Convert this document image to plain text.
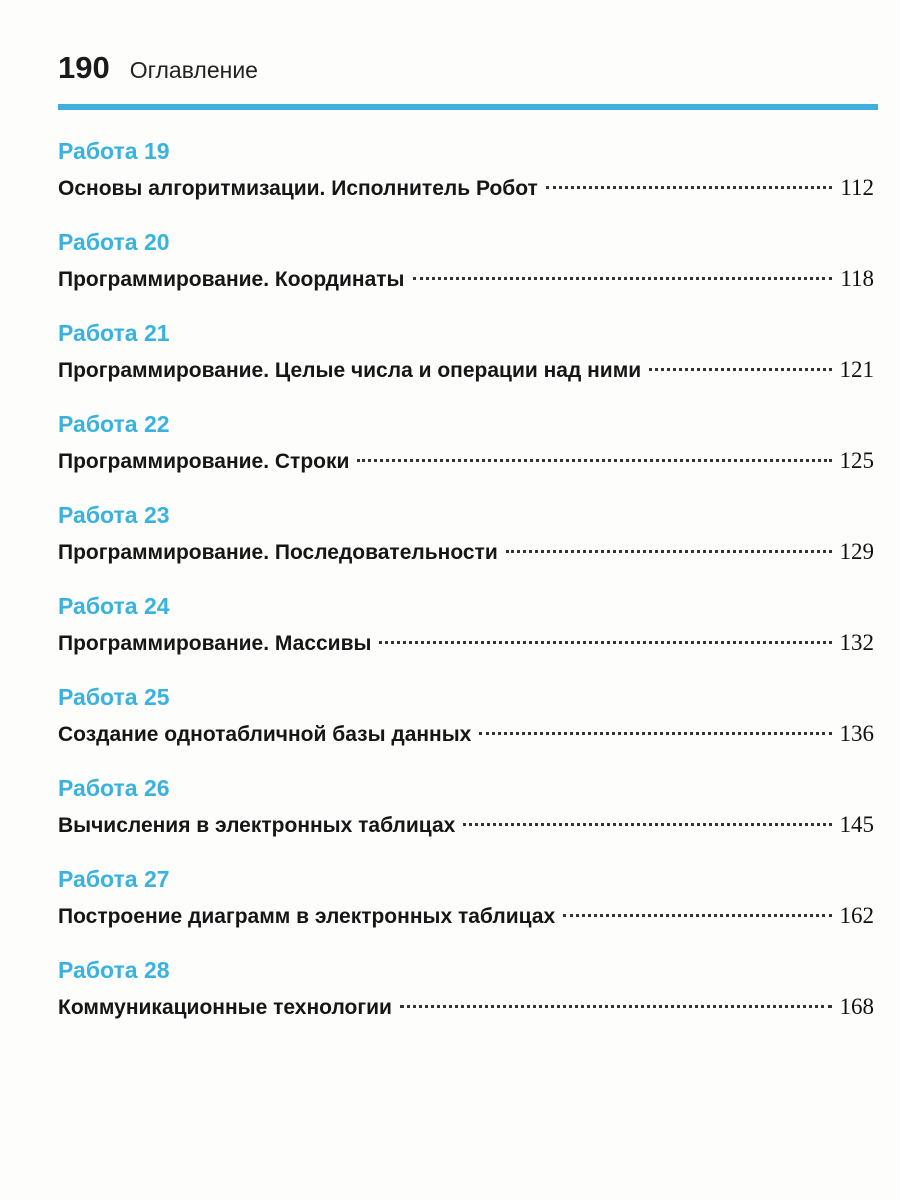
190 Оглавление
Работа 19
Основы алгоритмизации. Исполнитель Робот	112
Работа 20
Программирование. Координаты	118
Работа 21
Программирование. Целые числа и операции над ними	121
Работа 22
Программирование. Строки	125
Работа 23
Программирование. Последовательности	129
Работа 24
Программирование. Массивы	132
Работа 25
Создание однотабличной базы данных	136
Работа 26
Вычисления в электронных таблицах	145
Работа 27
Построение диаграмм в электронных таблицах	162
Работа 28
Коммуникационные технологии	168
